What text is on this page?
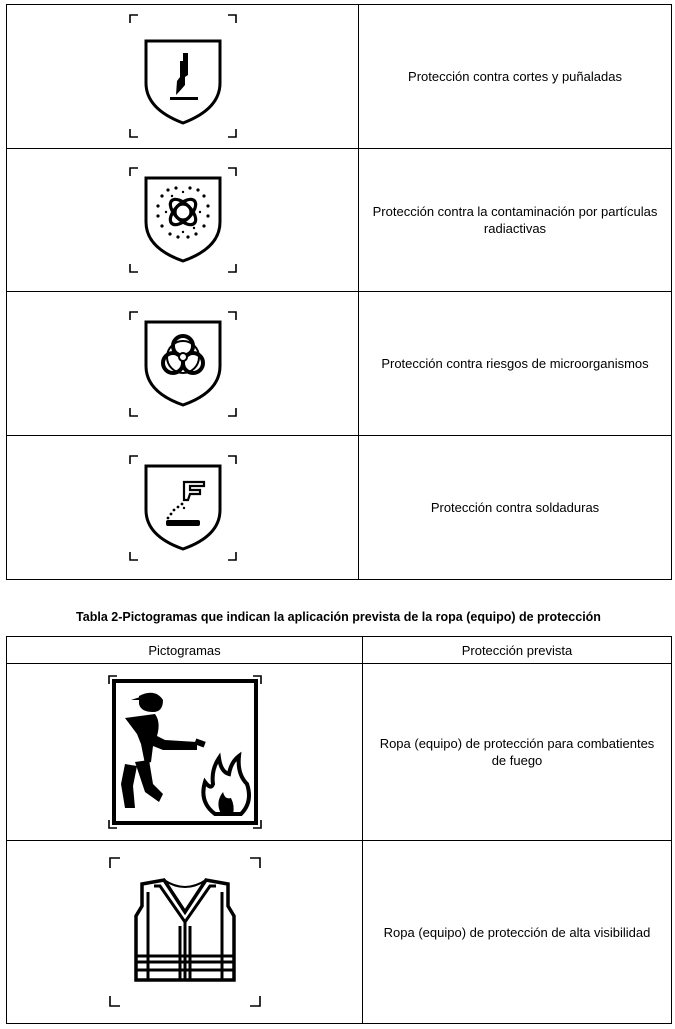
	Protección contra cortes y puñaladas

	Protección contra la contaminación por partículas radiactivas

	Protección contra riesgos de microorganismos

	Protección contra soldaduras
Tabla 2-Pictogramas que indican la aplicación prevista de la ropa (equipo) de protección
Pictogramas	Protección prevista

	Ropa (equipo) de protección para combatientes de fuego

	Ropa (equipo) de protección de alta visibilidad
